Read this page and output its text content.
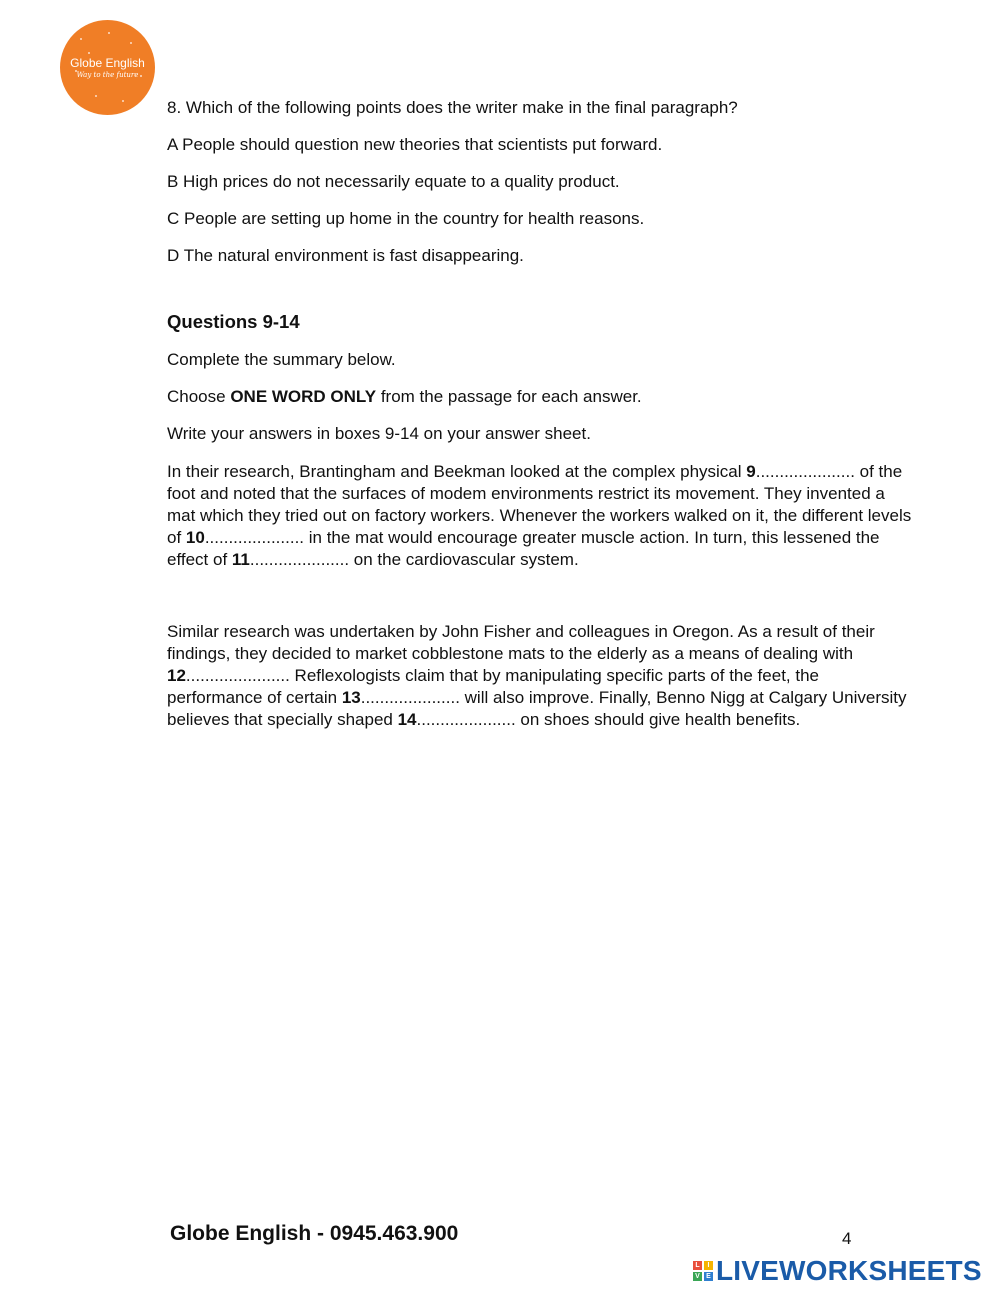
Globe English
Way to the future

8. Which of the following points does the writer make in the final paragraph?

A People should question new theories that scientists put forward.

B High prices do not necessarily equate to a quality product.

C People are setting up home in the country for health reasons.

D The natural environment is fast disappearing.

Questions 9-14

Complete the summary below.

Choose ONE WORD ONLY from the passage for each answer.

Write your answers in boxes 9-14 on your answer sheet.

In their research, Brantingham and Beekman looked at the complex physical 9..................... of the foot and noted that the surfaces of modem environments restrict its movement. They invented a mat which they tried out on factory workers. Whenever the workers walked on it, the different levels of 10..................... in the mat would encourage greater muscle action. In turn, this lessened the effect of 11..................... on the cardiovascular system.

Similar research was undertaken by John Fisher and colleagues in Oregon. As a result of their findings, they decided to market cobblestone mats to the elderly as a means of dealing with 12...................... Reflexologists claim that by manipulating specific parts of the feet, the performance of certain 13..................... will also improve. Finally, Benno Nigg at Calgary University believes that specially shaped 14..................... on shoes should give health benefits.

Globe English - 0945.463.900	4
L	I
V E LIVEWORKSHEETS
